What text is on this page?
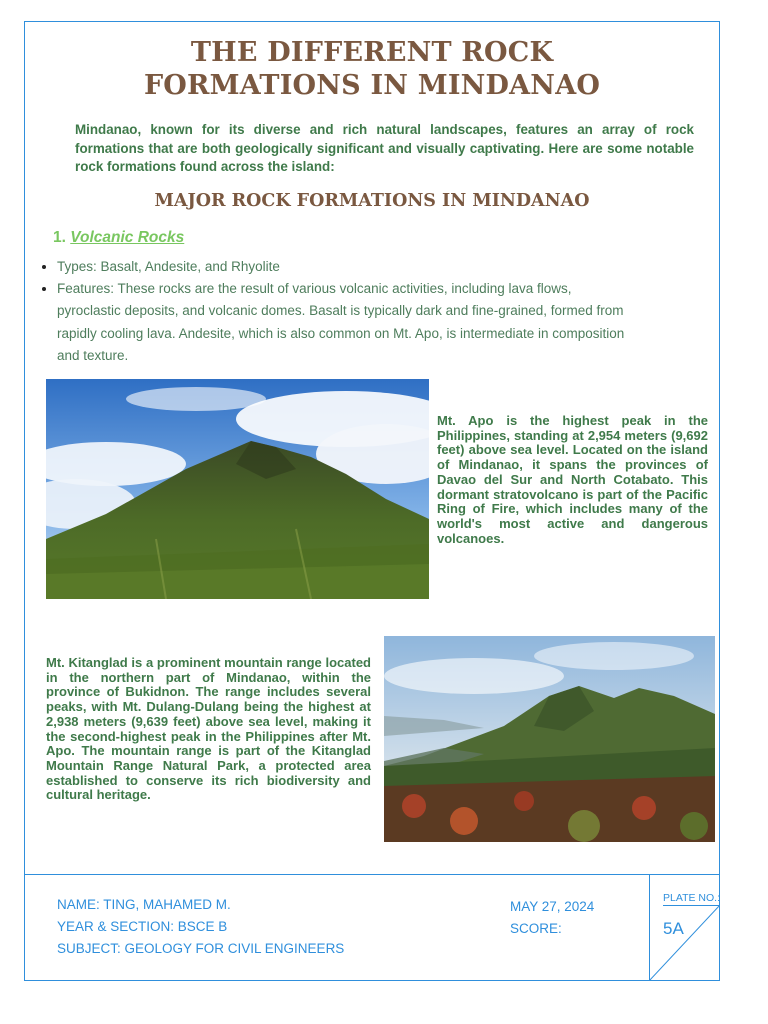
THE DIFFERENT ROCK
FORMATIONS IN MINDANAO
Mindanao, known for its diverse and rich natural landscapes, features an array of rock formations that are both geologically significant and visually captivating. Here are some notable rock formations found across the island:
MAJOR ROCK FORMATIONS IN MINDANAO
1. Volcanic Rocks
Types: Basalt, Andesite, and Rhyolite
Features: These rocks are the result of various volcanic activities, including lava flows, pyroclastic deposits, and volcanic domes. Basalt is typically dark and fine-grained, formed from rapidly cooling lava. Andesite, which is also common on Mt. Apo, is intermediate in composition and texture.
Mt. Apo is the highest peak in the Philippines, standing at 2,954 meters (9,692 feet) above sea level. Located on the island of Mindanao, it spans the provinces of Davao del Sur and North Cotabato. This dormant stratovolcano is part of the Pacific Ring of Fire, which includes many of the world's most active and dangerous volcanoes.
Mt. Kitanglad is a prominent mountain range located in the northern part of Mindanao, within the province of Bukidnon. The range includes several peaks, with Mt. Dulang-Dulang being the highest at 2,938 meters (9,639 feet) above sea level, making it the second-highest peak in the Philippines after Mt. Apo. The mountain range is part of the Kitanglad Mountain Range Natural Park, a protected area established to conserve its rich biodiversity and cultural heritage.
NAME: TING, MAHAMED M.
YEAR & SECTION: BSCE B
SUBJECT: GEOLOGY FOR CIVIL ENGINEERS
MAY 27, 2024
SCORE:
PLATE NO.:
5A
